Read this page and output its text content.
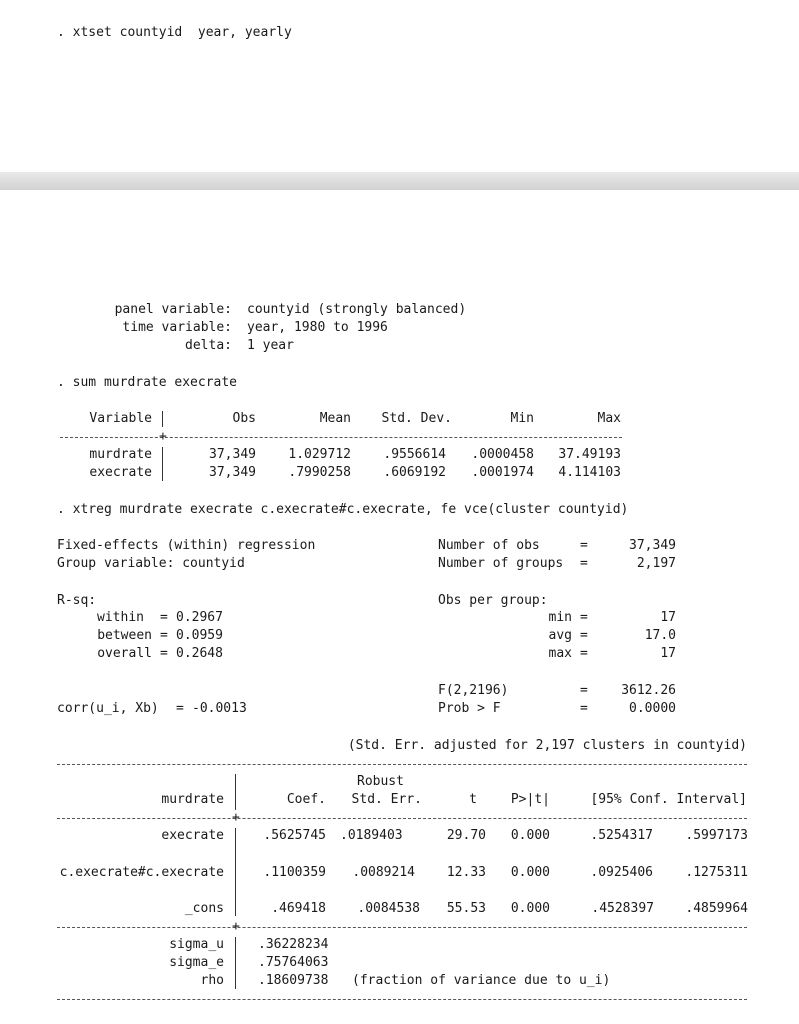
. xtset countyid  year, yearly
panel variable: countyid (strongly balanced)
time variable: year, 1980 to 1996
delta: 1 year
. sum murdrate execrate
Variable	Obs	Mean	Std. Dev.	Min	Max
+
murdrate	37,349	1.029712	.9556614	.0000458	37.49193
execrate	37,349	.7990258	.6069192	.0001974	4.114103
. xtreg murdrate execrate c.execrate#c.execrate, fe vce(cluster countyid)
Fixed-effects (within) regression
Group variable: countyid
Number of obs	=	37,349
Number of groups =	2,197
R-sq:	Obs per group:
within = 0.2967
between = 0.0959
overall = 0.2648
min =	17
avg =	17.0
max =	17
F(2,2196)	=	3612.26
corr(u_i, Xb) = -0.0013	Prob > F	=	0.0000
(Std. Err. adjusted for 2,197 clusters in countyid)
Robust
murdrate	Coef.	Std. Err.	t	P>|t|	[95% Conf. Interval]
+
execrate	.5625745 .0189403	29.70	0.000	.5254317	.5997173
c.execrate#c.execrate	.1100359	.0089214	12.33	0.000	.0925406	.1275311
_cons	.469418	.0084538	55.53	0.000	.4528397	.4859964
+
sigma_u	.36228234
sigma_e	.75764063
rho	.18609738 (fraction of variance due to u_i)
